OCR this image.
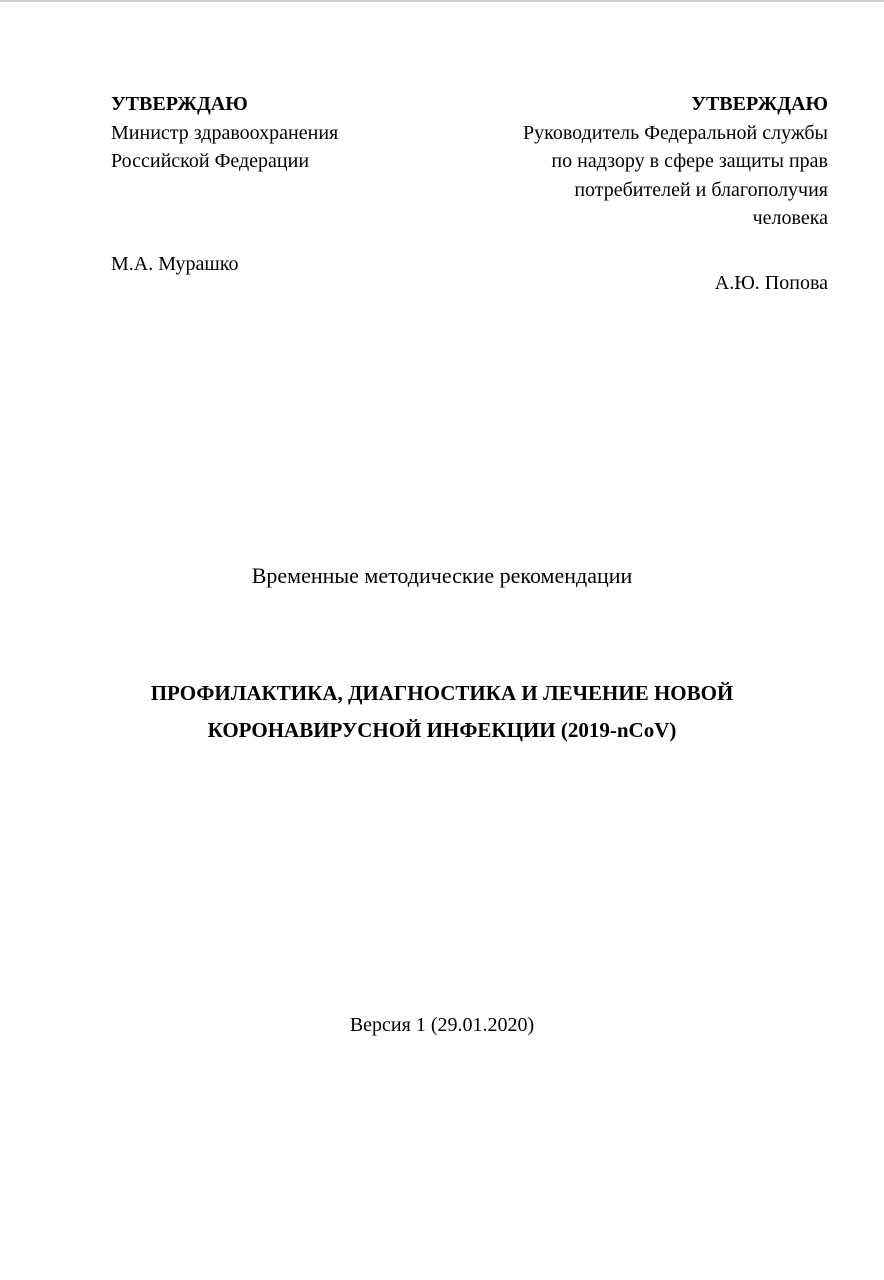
УТВЕРЖДАЮ
Министр здравоохранения
Российской Федерации
М.А. Мурашко
УТВЕРЖДАЮ
Руководитель Федеральной службы
по надзору в сфере защиты прав
потребителей и благополучия
человека
А.Ю. Попова
Временные методические рекомендации
ПРОФИЛАКТИКА, ДИАГНОСТИКА И ЛЕЧЕНИЕ НОВОЙ
КОРОНАВИРУСНОЙ ИНФЕКЦИИ (2019-nCoV)
Версия 1 (29.01.2020)
